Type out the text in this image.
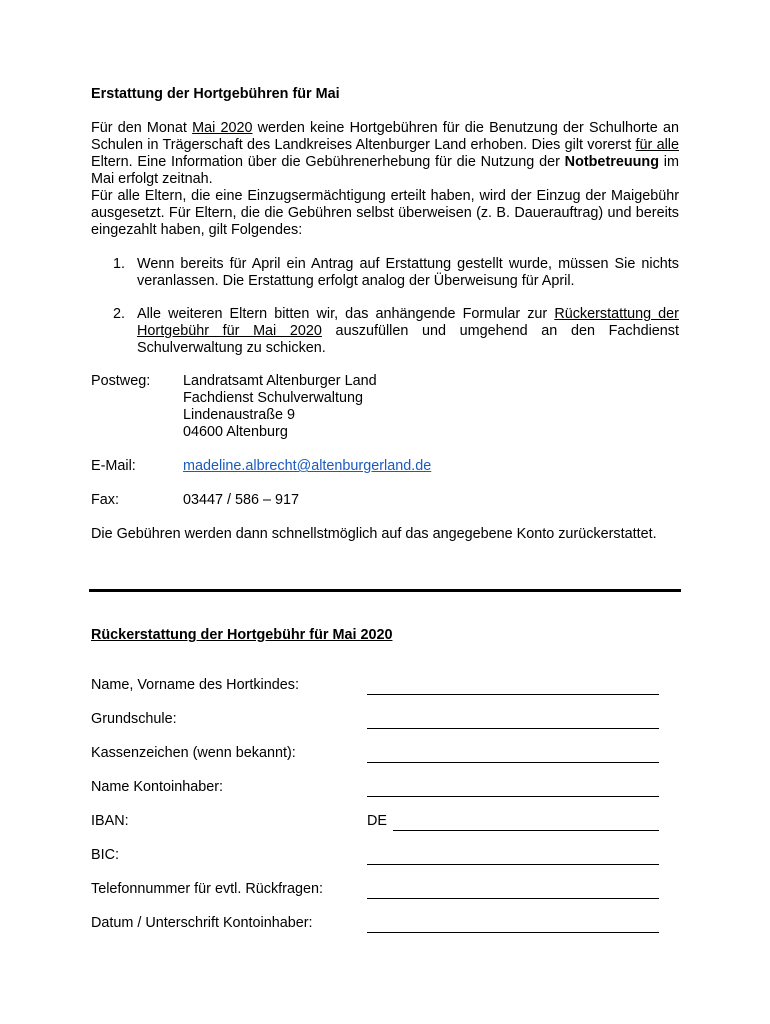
Erstattung der Hortgebühren für Mai

Für den Monat Mai 2020 werden keine Hortgebühren für die Benutzung der Schulhorte an Schulen in Trägerschaft des Landkreises Altenburger Land erhoben. Dies gilt vorerst für alle Eltern. Eine Information über die Gebührenerhebung für die Nutzung der Notbetreuung im Mai erfolgt zeitnah.

Für alle Eltern, die eine Einzugsermächtigung erteilt haben, wird der Einzug der Maigebühr ausgesetzt. Für Eltern, die die Gebühren selbst überweisen (z. B. Dauerauftrag) und bereits eingezahlt haben, gilt Folgendes:

1. Wenn bereits für April ein Antrag auf Erstattung gestellt wurde, müssen Sie nichts veranlassen. Die Erstattung erfolgt analog der Überweisung für April.
2. Alle weiteren Eltern bitten wir, das anhängende Formular zur Rückerstattung der Hortgebühr für Mai 2020 auszufüllen und umgehend an den Fachdienst Schulverwaltung zu schicken.
Postweg:	Landratsamt Altenburger Land
Fachdienst Schulverwaltung
Lindenaustraße 9
04600 Altenburg
E-Mail:	madeline.albrecht@altenburgerland.de
Fax:	03447 / 586 – 917

Die Gebühren werden dann schnellstmöglich auf das angegebene Konto zurückerstattet.

Rückerstattung der Hortgebühr für Mai 2020
Name, Vorname des Hortkindes:
Grundschule:
Kassenzeichen (wenn bekannt):
Name Kontoinhaber:
IBAN:	DE
BIC:
Telefonnummer für evtl. Rückfragen:
Datum / Unterschrift Kontoinhaber:
